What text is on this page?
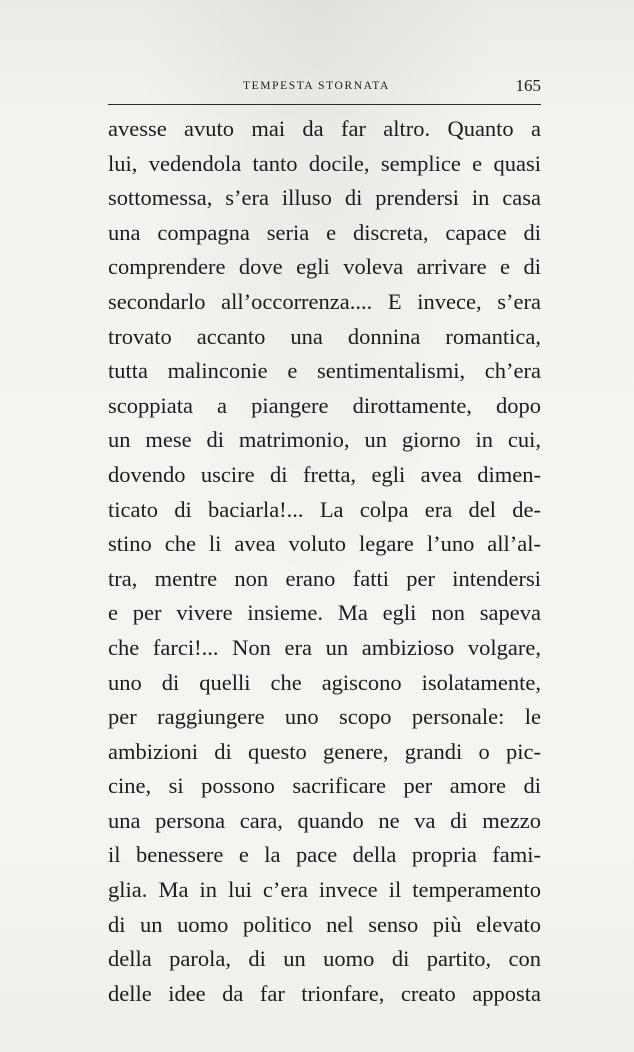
TEMPESTA STORNATA	165
avesse avuto mai da far altro. Quanto a
lui, vedendola tanto docile, semplice e quasi
sottomessa, s’era illuso di prendersi in casa
una compagna seria e discreta, capace di
comprendere dove egli voleva arrivare e di
secondarlo all’occorrenza.... E invece, s’era
trovato accanto una donnina romantica,
tutta malinconie e sentimentalismi, ch’era
scoppiata a piangere dirottamente, dopo
un mese di matrimonio, un giorno in cui,
dovendo uscire di fretta, egli avea dimen-
ticato di baciarla!... La colpa era del de-
stino che li avea voluto legare l’uno all’al-
tra, mentre non erano fatti per intendersi
e per vivere insieme. Ma egli non sapeva
che farci!... Non era un ambizioso volgare,
uno di quelli che agiscono isolatamente,
per raggiungere uno scopo personale: le
ambizioni di questo genere, grandi o pic-
cine, si possono sacrificare per amore di
una persona cara, quando ne va di mezzo
il benessere e la pace della propria fami-
glia. Ma in lui c’era invece il temperamento
di un uomo politico nel senso più elevato
della parola, di un uomo di partito, con
delle idee da far trionfare, creato apposta
